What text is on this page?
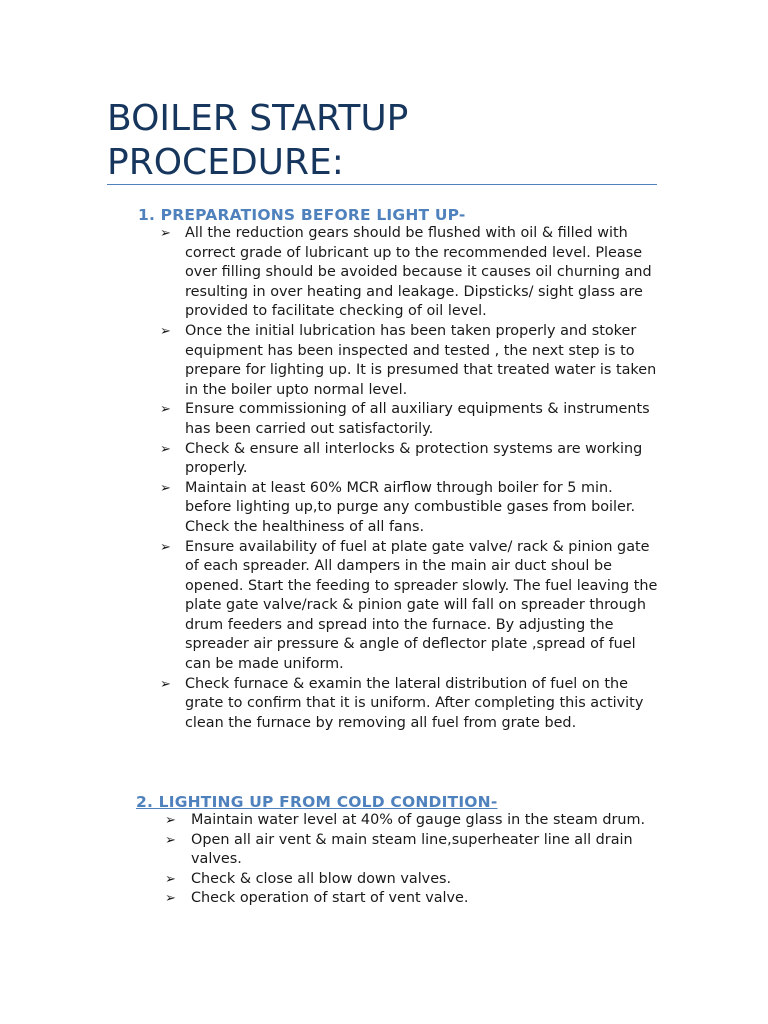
BOILER STARTUP
PROCEDURE:
1. PREPARATIONS BEFORE LIGHT UP-
➢ All the reduction gears should be flushed with oil & filled with correct grade of lubricant up to the recommended level. Please over filling should be avoided because it causes oil churning and resulting in over heating and leakage. Dipsticks/ sight glass are provided to facilitate checking of oil level.
➢ Once the initial lubrication has been taken properly and stoker equipment has been inspected and tested , the next step is to prepare for lighting up. It is presumed that treated water is taken in the boiler upto normal level.
➢ Ensure commissioning of all auxiliary equipments & instruments has been carried out satisfactorily.
➢ Check & ensure all interlocks & protection systems are working properly.
➢ Maintain at least 60% MCR airflow through boiler for 5 min. before lighting up,to purge any combustible gases from boiler. Check the healthiness of all fans.
➢ Ensure availability of fuel at plate gate valve/ rack & pinion gate of each spreader. All dampers in the main air duct shoul be opened. Start the feeding to spreader slowly. The fuel leaving the plate gate valve/rack & pinion gate will fall on spreader through drum feeders and spread into the furnace. By adjusting the spreader air pressure & angle of deflector plate ,spread of fuel can be made uniform.
➢ Check furnace & examin the lateral distribution of fuel on the grate to confirm that it is uniform. After completing this activity clean the furnace by removing all fuel from grate bed.
2. LIGHTING UP FROM COLD CONDITION-
➢ Maintain water level at 40% of gauge glass in the steam drum.
➢ Open all air vent & main steam line,superheater line all drain valves.
➢ Check & close all blow down valves.
➢ Check operation of start of vent valve.
